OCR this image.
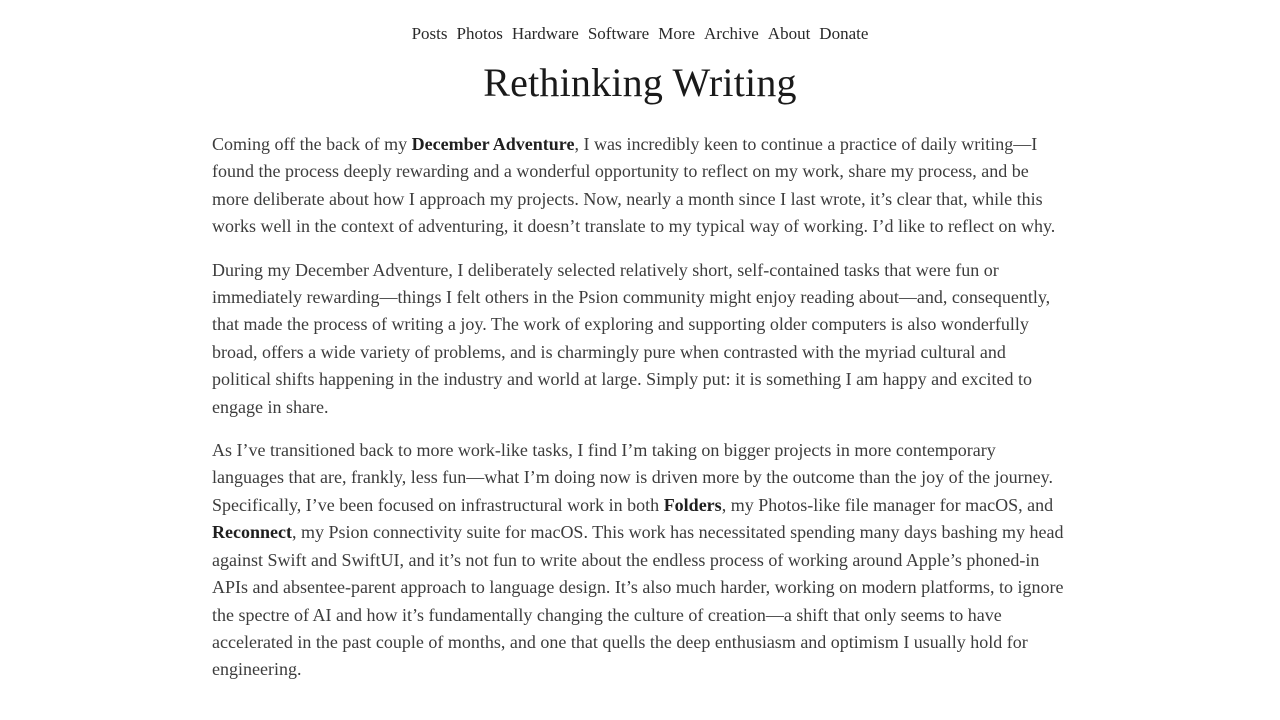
Posts Photos Hardware Software More Archive About Donate
Rethinking Writing

Coming off the back of my December Adventure, I was incredibly keen to continue a practice of daily writing—I found the process deeply rewarding and a wonderful opportunity to reflect on my work, share my process, and be more deliberate about how I approach my projects. Now, nearly a month since I last wrote, it’s clear that, while this works well in the context of adventuring, it doesn’t translate to my typical way of working. I’d like to reflect on why.

During my December Adventure, I deliberately selected relatively short, self-contained tasks that were fun or immediately rewarding—things I felt others in the Psion community might enjoy reading about—and, consequently, that made the process of writing a joy. The work of exploring and supporting older computers is also wonderfully broad, offers a wide variety of problems, and is charmingly pure when contrasted with the myriad cultural and political shifts happening in the industry and world at large. Simply put: it is something I am happy and excited to engage in share.

As I’ve transitioned back to more work-like tasks, I find I’m taking on bigger projects in more contemporary languages that are, frankly, less fun—what I’m doing now is driven more by the outcome than the joy of the journey. Specifically, I’ve been focused on infrastructural work in both Folders, my Photos-like file manager for macOS, and Reconnect, my Psion connectivity suite for macOS. This work has necessitated spending many days bashing my head against Swift and SwiftUI, and it’s not fun to write about the endless process of working around Apple’s phoned-in APIs and absentee-parent approach to language design. It’s also much harder, working on modern platforms, to ignore the spectre of AI and how it’s fundamentally changing the culture of creation—a shift that only seems to have accelerated in the past couple of months, and one that quells the deep enthusiasm and optimism I usually hold for engineering.
